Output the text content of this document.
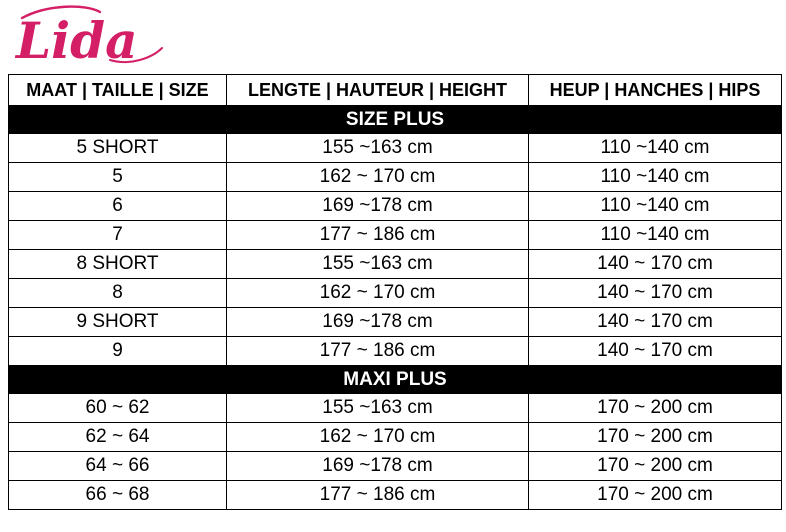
Lida
MAAT | TAILLE | SIZE	LENGTE | HAUTEUR | HEIGHT	HEUP | HANCHES | HIPS
SIZE PLUS		
5 SHORT	155 ~163 cm	110 ~140 cm
5	162 ~ 170 cm	110 ~140 cm
6	169 ~178 cm	110 ~140 cm
7	177 ~ 186 cm	110 ~140 cm
8 SHORT	155 ~163 cm	140 ~ 170 cm
8	162 ~ 170 cm	140 ~ 170 cm
9 SHORT	169 ~178 cm	140 ~ 170 cm
9	177 ~ 186 cm	140 ~ 170 cm
MAXI PLUS		
60 ~ 62	155 ~163 cm	170 ~ 200 cm
62 ~ 64	162 ~ 170 cm	170 ~ 200 cm
64 ~ 66	169 ~178 cm	170 ~ 200 cm
66 ~ 68	177 ~ 186 cm	170 ~ 200 cm
